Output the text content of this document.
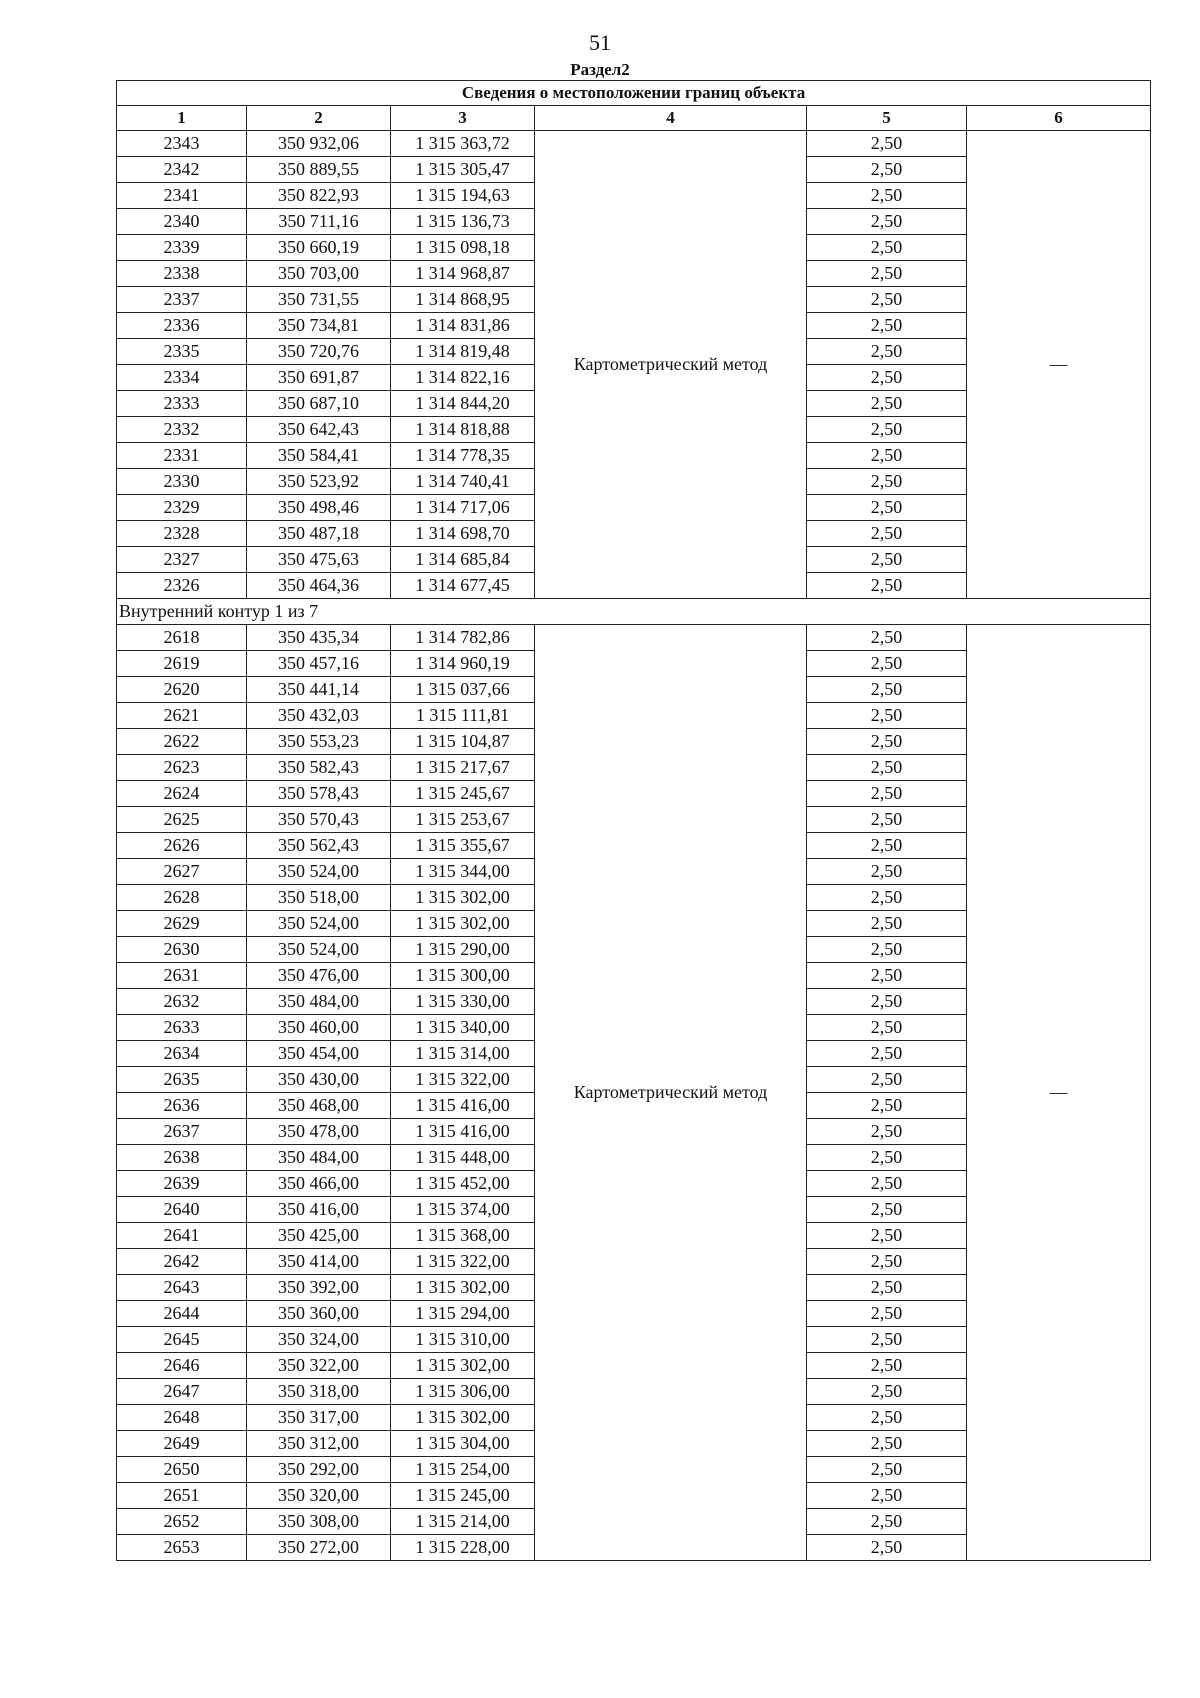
51
Раздел2
Сведения о местоположении границ объекта					
1	2	3	4	5	6
2343	350 932,06	1 315 363,72	Картометрический метод	2,50	—
2342	350 889,55	1 315 305,47		2,50	
2341	350 822,93	1 315 194,63		2,50	
2340	350 711,16	1 315 136,73		2,50	
2339	350 660,19	1 315 098,18		2,50	
2338	350 703,00	1 314 968,87		2,50	
2337	350 731,55	1 314 868,95		2,50	
2336	350 734,81	1 314 831,86		2,50	
2335	350 720,76	1 314 819,48		2,50	
2334	350 691,87	1 314 822,16		2,50	
2333	350 687,10	1 314 844,20		2,50	
2332	350 642,43	1 314 818,88		2,50	
2331	350 584,41	1 314 778,35		2,50	
2330	350 523,92	1 314 740,41		2,50	
2329	350 498,46	1 314 717,06		2,50	
2328	350 487,18	1 314 698,70		2,50	
2327	350 475,63	1 314 685,84		2,50	
2326	350 464,36	1 314 677,45		2,50	
Внутренний контур 1 из 7					
2618	350 435,34	1 314 782,86	Картометрический метод	2,50	—
2619	350 457,16	1 314 960,19		2,50	
2620	350 441,14	1 315 037,66		2,50	
2621	350 432,03	1 315 111,81		2,50	
2622	350 553,23	1 315 104,87		2,50	
2623	350 582,43	1 315 217,67		2,50	
2624	350 578,43	1 315 245,67		2,50	
2625	350 570,43	1 315 253,67		2,50	
2626	350 562,43	1 315 355,67		2,50	
2627	350 524,00	1 315 344,00		2,50	
2628	350 518,00	1 315 302,00		2,50	
2629	350 524,00	1 315 302,00		2,50	
2630	350 524,00	1 315 290,00		2,50	
2631	350 476,00	1 315 300,00		2,50	
2632	350 484,00	1 315 330,00		2,50	
2633	350 460,00	1 315 340,00		2,50	
2634	350 454,00	1 315 314,00		2,50	
2635	350 430,00	1 315 322,00		2,50	
2636	350 468,00	1 315 416,00		2,50	
2637	350 478,00	1 315 416,00		2,50	
2638	350 484,00	1 315 448,00		2,50	
2639	350 466,00	1 315 452,00		2,50	
2640	350 416,00	1 315 374,00		2,50	
2641	350 425,00	1 315 368,00		2,50	
2642	350 414,00	1 315 322,00		2,50	
2643	350 392,00	1 315 302,00		2,50	
2644	350 360,00	1 315 294,00		2,50	
2645	350 324,00	1 315 310,00		2,50	
2646	350 322,00	1 315 302,00		2,50	
2647	350 318,00	1 315 306,00		2,50	
2648	350 317,00	1 315 302,00		2,50	
2649	350 312,00	1 315 304,00		2,50	
2650	350 292,00	1 315 254,00		2,50	
2651	350 320,00	1 315 245,00		2,50	
2652	350 308,00	1 315 214,00		2,50	
2653	350 272,00	1 315 228,00		2,50	
